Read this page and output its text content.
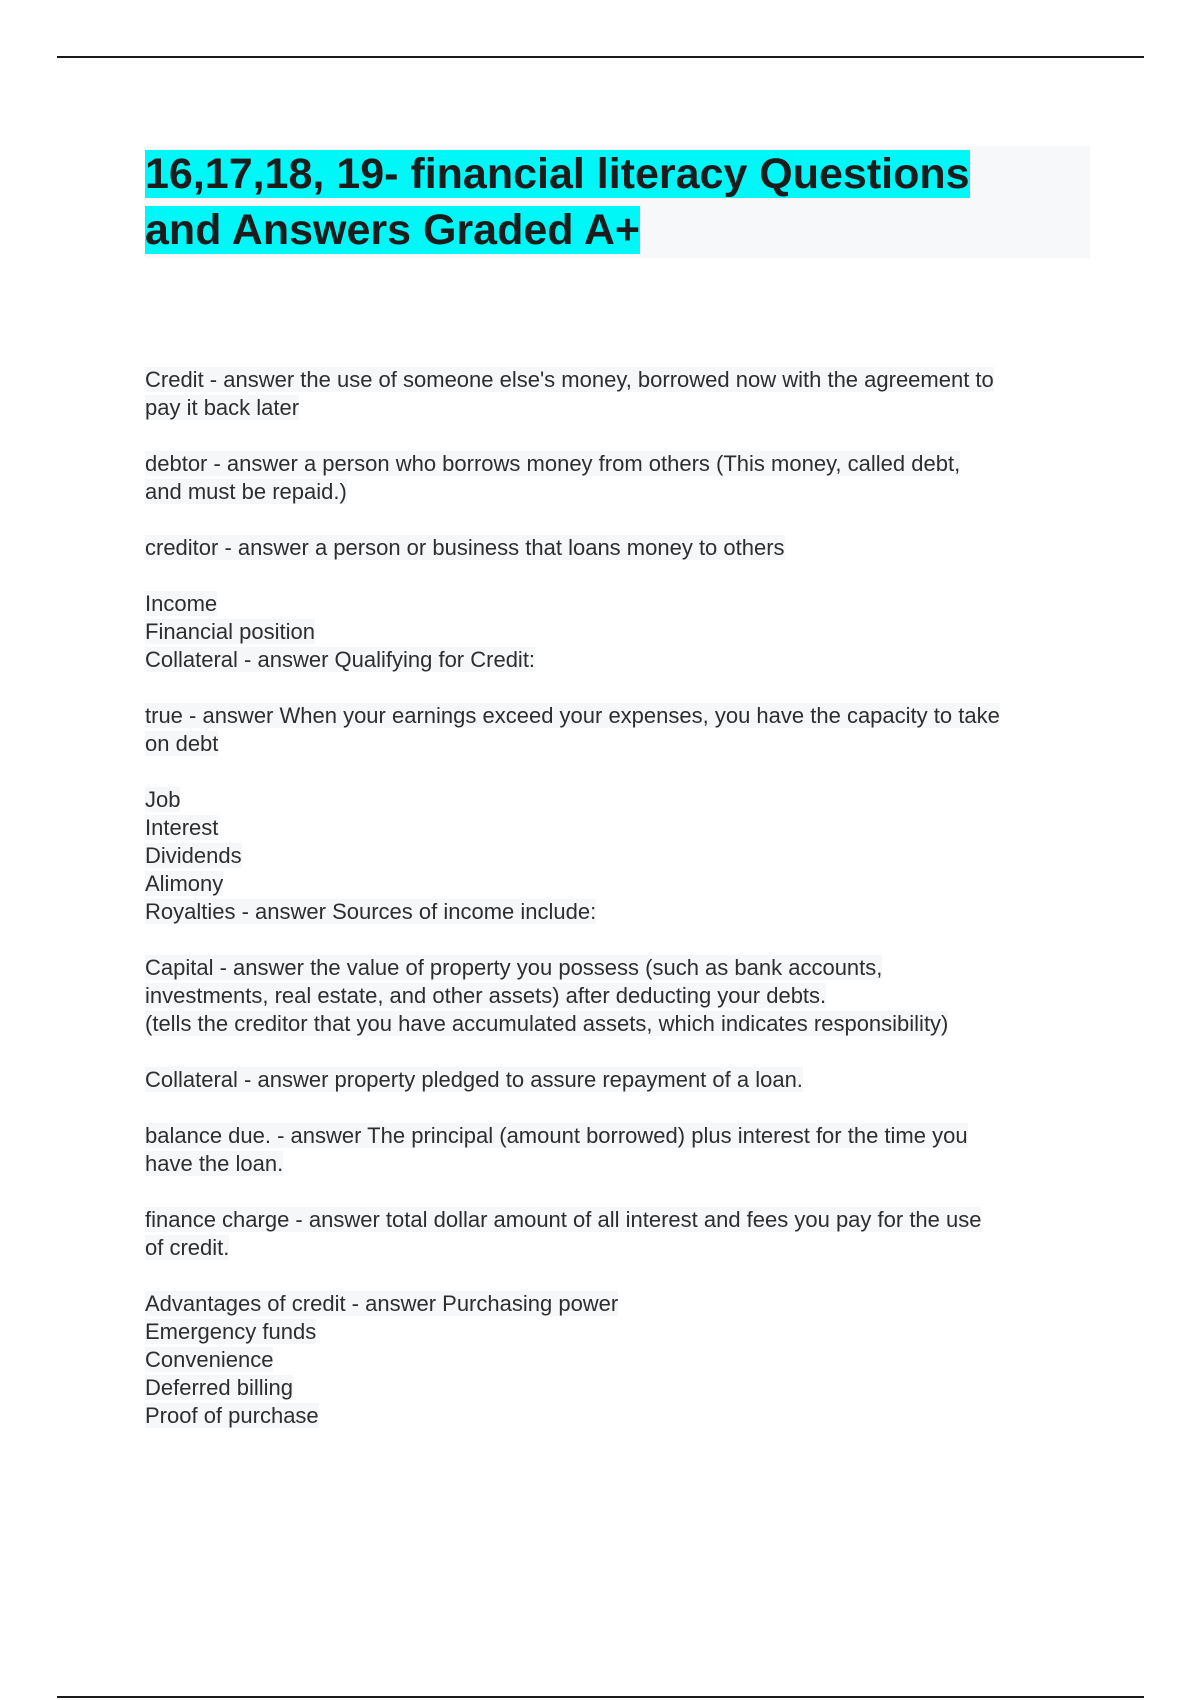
16,17,18, 19- financial literacy Questions
and Answers Graded A+
Credit - answer the use of someone else's money, borrowed now with the agreement to
pay it back later
debtor - answer a person who borrows money from others (This money, called debt,
and must be repaid.)
creditor - answer a person or business that loans money to others
Income
Financial position
Collateral - answer Qualifying for Credit:
true - answer When your earnings exceed your expenses, you have the capacity to take
on debt
Job
Interest
Dividends
Alimony
Royalties - answer Sources of income include:
Capital - answer the value of property you possess (such as bank accounts,
investments, real estate, and other assets) after deducting your debts.
(tells the creditor that you have accumulated assets, which indicates responsibility)
Collateral - answer property pledged to assure repayment of a loan.
balance due. - answer The principal (amount borrowed) plus interest for the time you
have the loan.
finance charge - answer total dollar amount of all interest and fees you pay for the use
of credit.
Advantages of credit - answer Purchasing power
Emergency funds
Convenience
Deferred billing
Proof of purchase
